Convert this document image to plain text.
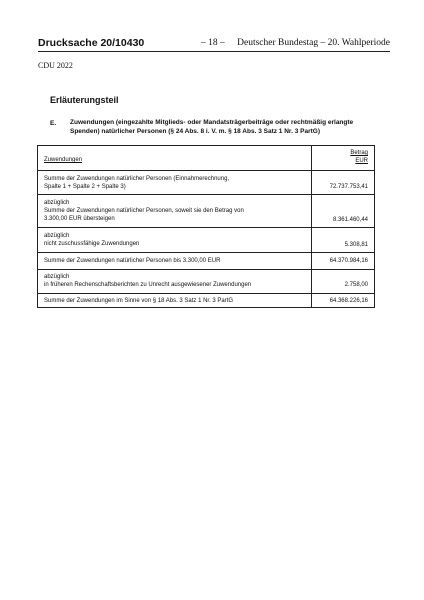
Drucksache 20/10430	– 18 – Deutscher Bundestag – 20. Wahlperiode
CDU 2022
Erläuterungsteil
E. Zuwendungen (eingezahlte Mitglieds- oder Mandatsträgerbeiträge oder rechtmäßig erlangte
Spenden) natürlicher Personen (§ 24 Abs. 8 i. V. m. § 18 Abs. 3 Satz 1 Nr. 3 PartG)
Zuwendungen
Betrag
EUR
Summe der Zuwendungen natürlicher Personen (Einnahmerechnung,
Spalte 1 + Spalte 2 + Spalte 3)	72.737.753,41
abzüglich
Summe der Zuwendungen natürlicher Personen, soweit sie den Betrag von
3.300,00 EUR übersteigen	8.361.460,44
abzüglich
nicht zuschussfähige Zuwendungen	5.308,81
Summe der Zuwendungen natürlicher Personen bis 3.300,00 EUR	64.370.984,16
abzüglich
in früheren Rechenschaftsberichten zu Unrecht ausgewiesener Zuwendungen	2.758,00
Summe der Zuwendungen im Sinne von § 18 Abs. 3 Satz 1 Nr. 3 PartG	64.368.226,16
